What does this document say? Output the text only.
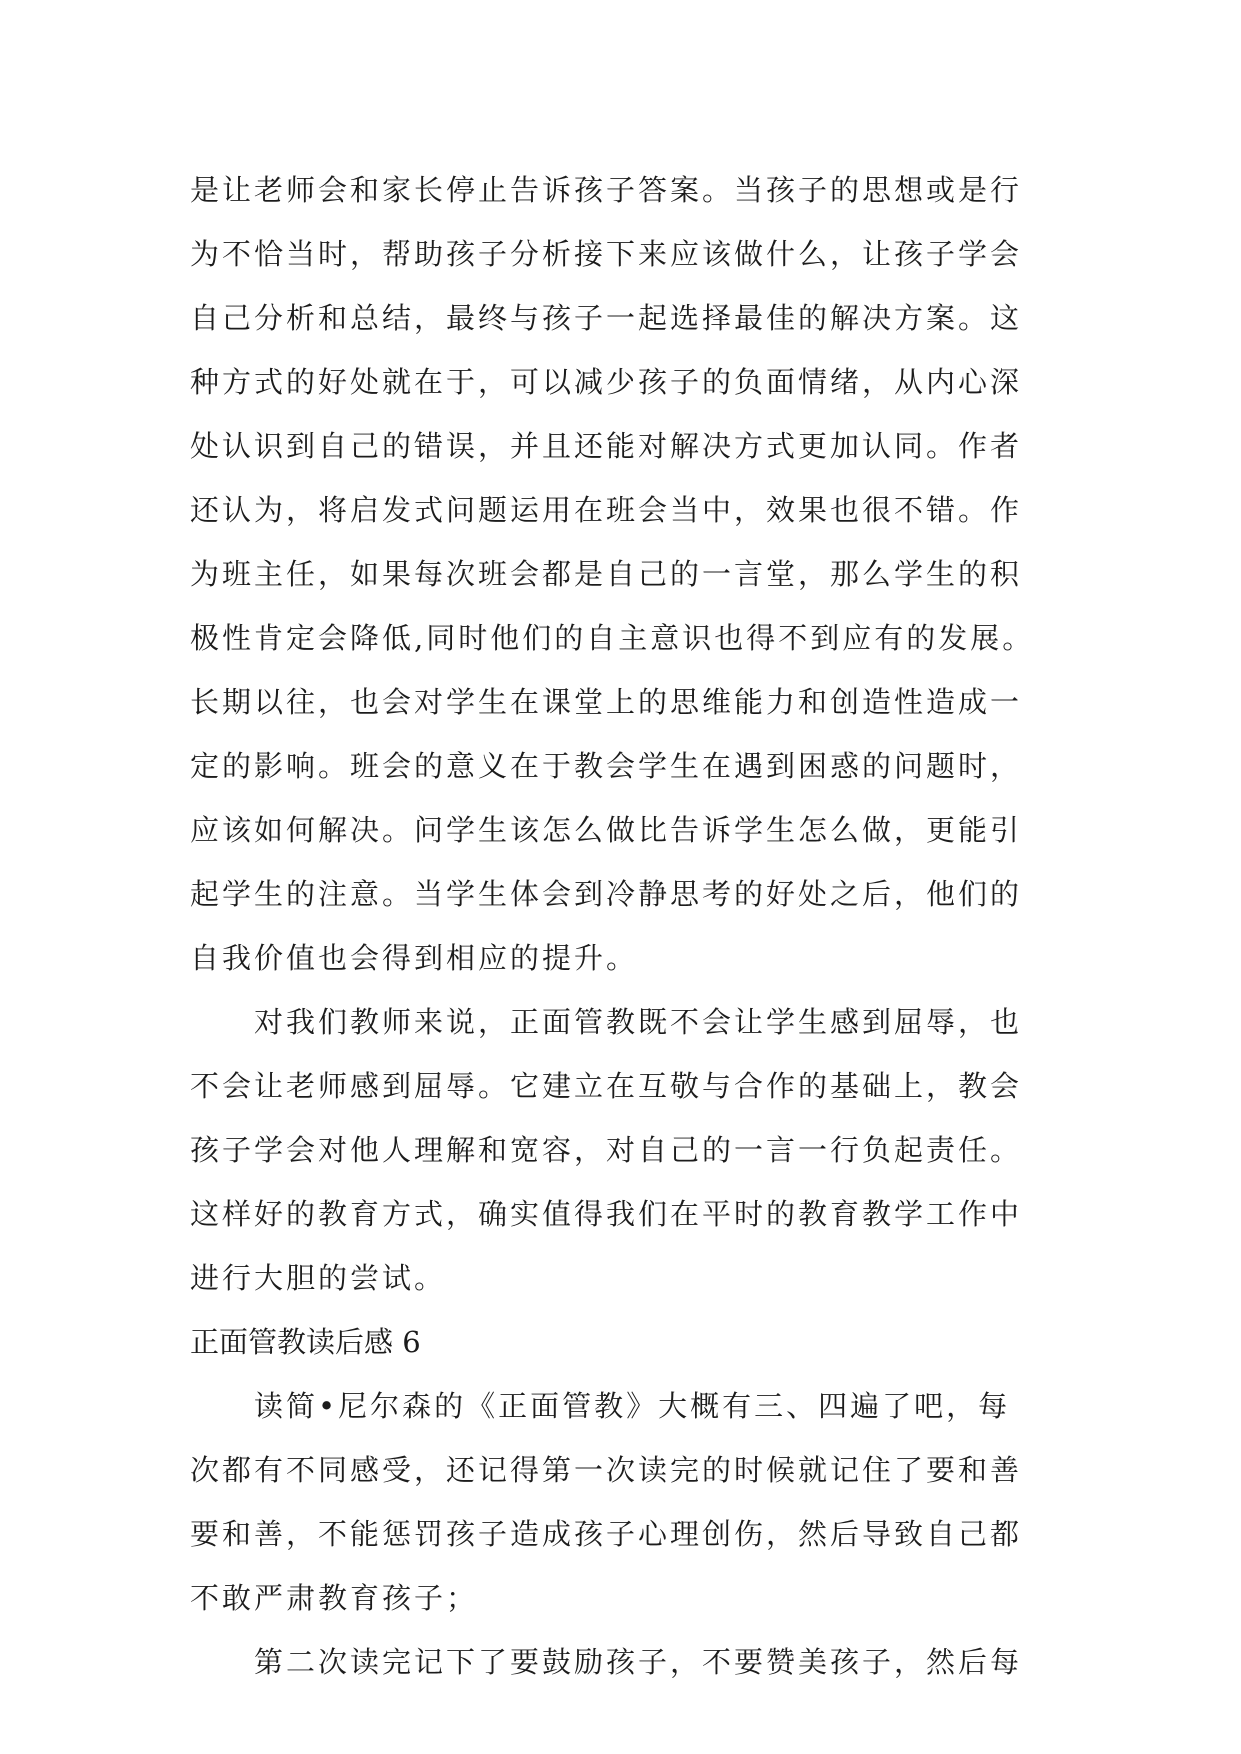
是让老师会和家长停止告诉孩子答案。当孩子的思想或是行
为不恰当时，帮助孩子分析接下来应该做什么，让孩子学会
自己分析和总结，最终与孩子一起选择最佳的解决方案。这
种方式的好处就在于，可以减少孩子的负面情绪，从内心深
处认识到自己的错误，并且还能对解决方式更加认同。作者
还认为，将启发式问题运用在班会当中，效果也很不错。作
为班主任，如果每次班会都是自己的一言堂，那么学生的积
极性肯定会降低,同时他们的自主意识也得不到应有的发展。
长期以往，也会对学生在课堂上的思维能力和创造性造成一
定的影响。班会的意义在于教会学生在遇到困惑的问题时，
应该如何解决。问学生该怎么做比告诉学生怎么做，更能引
起学生的注意。当学生体会到冷静思考的好处之后，他们的
自我价值也会得到相应的提升。
对我们教师来说，正面管教既不会让学生感到屈辱，也
不会让老师感到屈辱。它建立在互敬与合作的基础上，教会
孩子学会对他人理解和宽容，对自己的一言一行负起责任。
这样好的教育方式，确实值得我们在平时的教育教学工作中
进行大胆的尝试。
正面管教读后感 6
读简•尼尔森的《正面管教》大概有三、四遍了吧，每
次都有不同感受，还记得第一次读完的时候就记住了要和善
要和善，不能惩罚孩子造成孩子心理创伤，然后导致自己都
不敢严肃教育孩子；
第二次读完记下了要鼓励孩子，不要赞美孩子，然后每
